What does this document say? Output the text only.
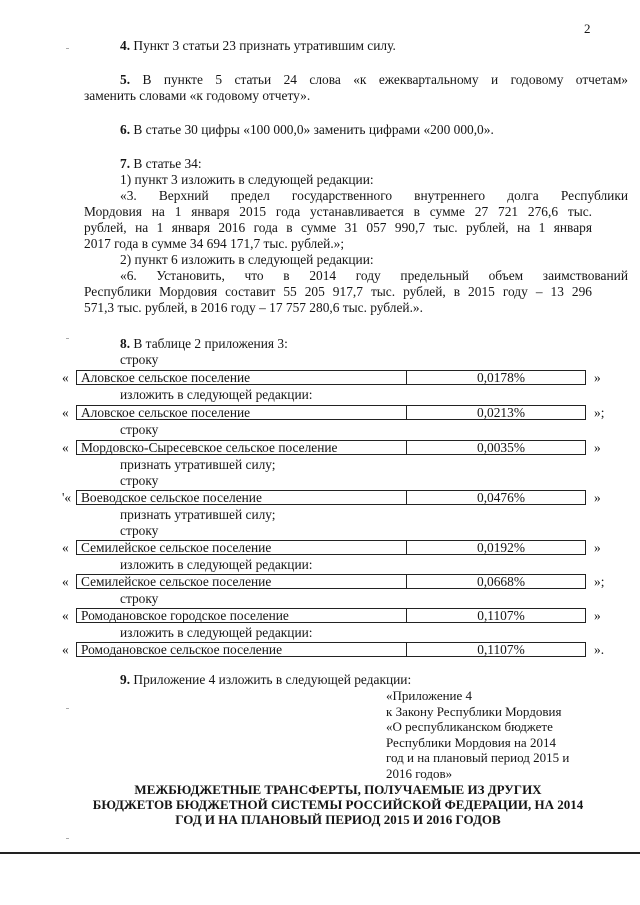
2
4. Пункт 3 статьи 23 признать утратившим силу.
5. В пункте 5 статьи 24 слова «к ежеквартальному и годовому отчетам»
заменить словами «к годовому отчету».
6. В статье 30 цифры «100 000,0» заменить цифрами «200 000,0».
7. В статье 34:
1) пункт 3 изложить в следующей редакции:
«3. Верхний предел государственного внутреннего долга Республики
Мордовия на 1 января 2015 года устанавливается в сумме 27 721 276,6 тыс.
рублей, на 1 января 2016 года в сумме 31 057 990,7 тыс. рублей, на 1 января
2017 года в сумме 34 694 171,7 тыс. рублей.»;
2) пункт 6 изложить в следующей редакции:
«6. Установить, что в 2014 году предельный объем заимствований
Республики Мордовия составит 55 205 917,7 тыс. рублей, в 2015 году – 13 296
571,3 тыс. рублей, в 2016 году – 17 757 280,6 тыс. рублей.».
8. В таблице 2 приложения 3:
строку
« Аловское сельское поселение	0,0178%	»
изложить в следующей редакции:
« Аловское сельское поселение	0,0213%	»;
строку
« Мордовско-Сыресевское сельское поселение	0,0035%	»
признать утратившей силу;
строку
'« Воеводское сельское поселение	0,0476%	»
признать утратившей силу;
строку
« Семилейское сельское поселение	0,0192%	»
изложить в следующей редакции:
« Семилейское сельское поселение	0,0668%	»;
строку
« Ромодановское городское поселение	0,1107%	»
изложить в следующей редакции:
« Ромодановское сельское поселение	0,1107%	».
9. Приложение 4 изложить в следующей редакции:
«Приложение 4
к Закону Республики Мордовия
«О республиканском бюджете
Республики Мордовия на 2014
год и на плановый период 2015 и
2016 годов»
МЕЖБЮДЖЕТНЫЕ ТРАНСФЕРТЫ, ПОЛУЧАЕМЫЕ ИЗ ДРУГИХ
БЮДЖЕТОВ БЮДЖЕТНОЙ СИСТЕМЫ РОССИЙСКОЙ ФЕДЕРАЦИИ, НА 2014
ГОД И НА ПЛАНОВЫЙ ПЕРИОД 2015 И 2016 ГОДОВ
